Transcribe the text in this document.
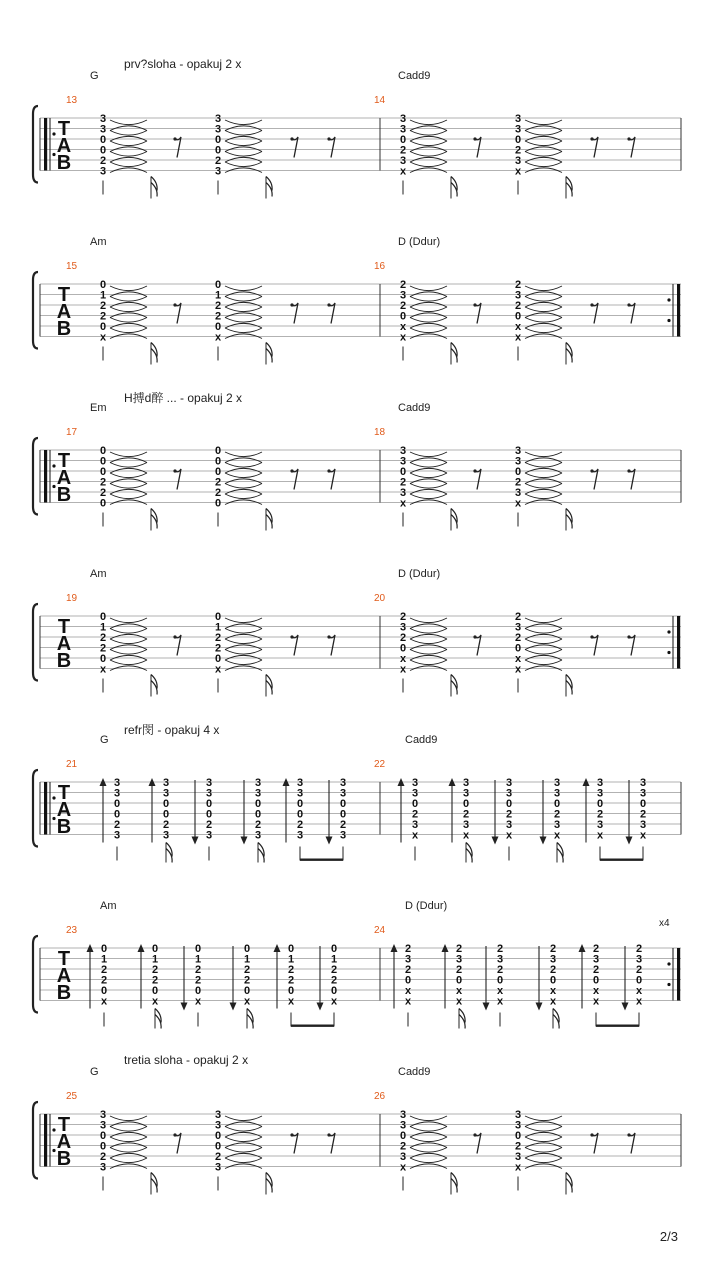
prv?sloha - opakuj 2 x
G
13
Cadd9
14
T
A
B
3
3
0
0
2
3
3
3
0
0
2
3
3
3
0
2
3
x
3
3
0
2
3
x
Am
15
D (Ddur)
16
T
A
B
0
1
2
2
0
x
0
1
2
2
0
x
2
3
2
0
x
x
2
3
2
0
x
x
H搏d醉 ... - opakuj 2 x
Em
17
Cadd9
18
T
A
B
0
0
0
2
2
0
0
0
0
2
2
0
3
3
0
2
3
x
3
3
0
2
3
x
Am
19
D (Ddur)
20
T
A
B
0
1
2
2
0
x
0
1
2
2
0
x
2
3
2
0
x
x
2
3
2
0
x
x
refr閔 - opakuj 4 x
G
21
Cadd9
22
T
A
B
3
3
0
0
2
3
3
3
0
0
2
3
3
3
0
0
2
3
3
3
0
0
2
3
3
3
0
0
2
3
3
3
0
0
2
3
3
3
0
2
3
x
3
3
0
2
3
x
3
3
0
2
3
x
3
3
0
2
3
x
3
3
0
2
3
x
3
3
0
2
3
x
Am
23
D (Ddur)
24
x4
T
A
B
0
1
2
2
0
x
0
1
2
2
0
x
0
1
2
2
0
x
0
1
2
2
0
x
0
1
2
2
0
x
0
1
2
2
0
x
2
3
2
0
x
x
2
3
2
0
x
x
2
3
2
0
x
x
2
3
2
0
x
x
2
3
2
0
x
x
2
3
2
0
x
x
tretia sloha - opakuj 2 x
G
25
Cadd9
26
T
A
B
3
3
0
0
2
3
3
3
0
0
2
3
3
3
0
2
3
x
3
3
0
2
3
x
2/3
